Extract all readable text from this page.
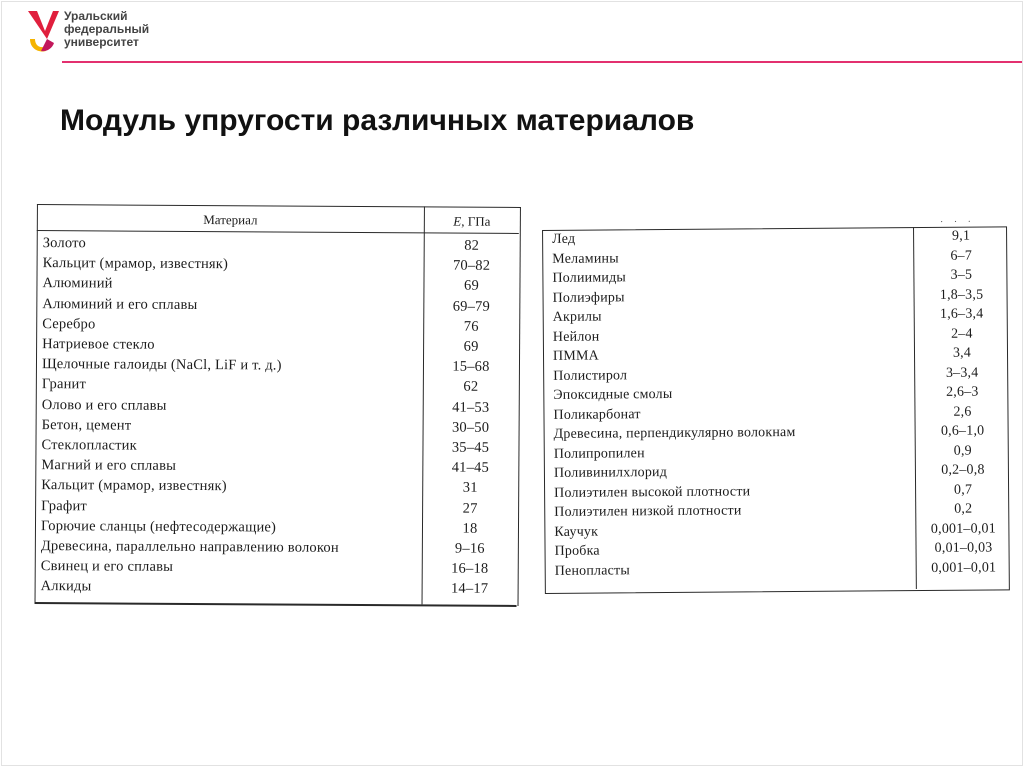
Уральский
федеральный
университет
Модуль упругости различных материалов
Материал	E, ГПа
Золото	82
Кальцит (мрамор, известняк)	70–82
Алюминий	69
Алюминий и его сплавы	69–79
Серебро	76
Натриевое стекло	69
Щелочные галоиды (NaCl, LiF и т. д.)	15–68
Гранит	62
Олово и его сплавы	41–53
Бетон, цемент	30–50
Стеклопластик	35–45
Магний и его сплавы	41–45
Кальцит (мрамор, известняк)	31
Графит	27
Горючие сланцы (нефтесодержащие)	18
Древесина, параллельно направлению волокон	9–16
Свинец и его сплавы	16–18
Алкиды	14–17
· · ·
Лед	9,1
Меламины	6–7
Полиимиды	3–5
Полиэфиры	1,8–3,5
Акрилы	1,6–3,4
Нейлон	2–4
ПММА	3,4
Полистирол	3–3,4
Эпоксидные смолы	2,6–3
Поликарбонат	2,6
Древесина, перпендикулярно волокнам	0,6–1,0
Полипропилен	0,9
Поливинилхлорид	0,2–0,8
Полиэтилен высокой плотности	0,7
Полиэтилен низкой плотности	0,2
Каучук	0,001–0,01
Пробка	0,01–0,03
Пенопласты	0,001–0,01
